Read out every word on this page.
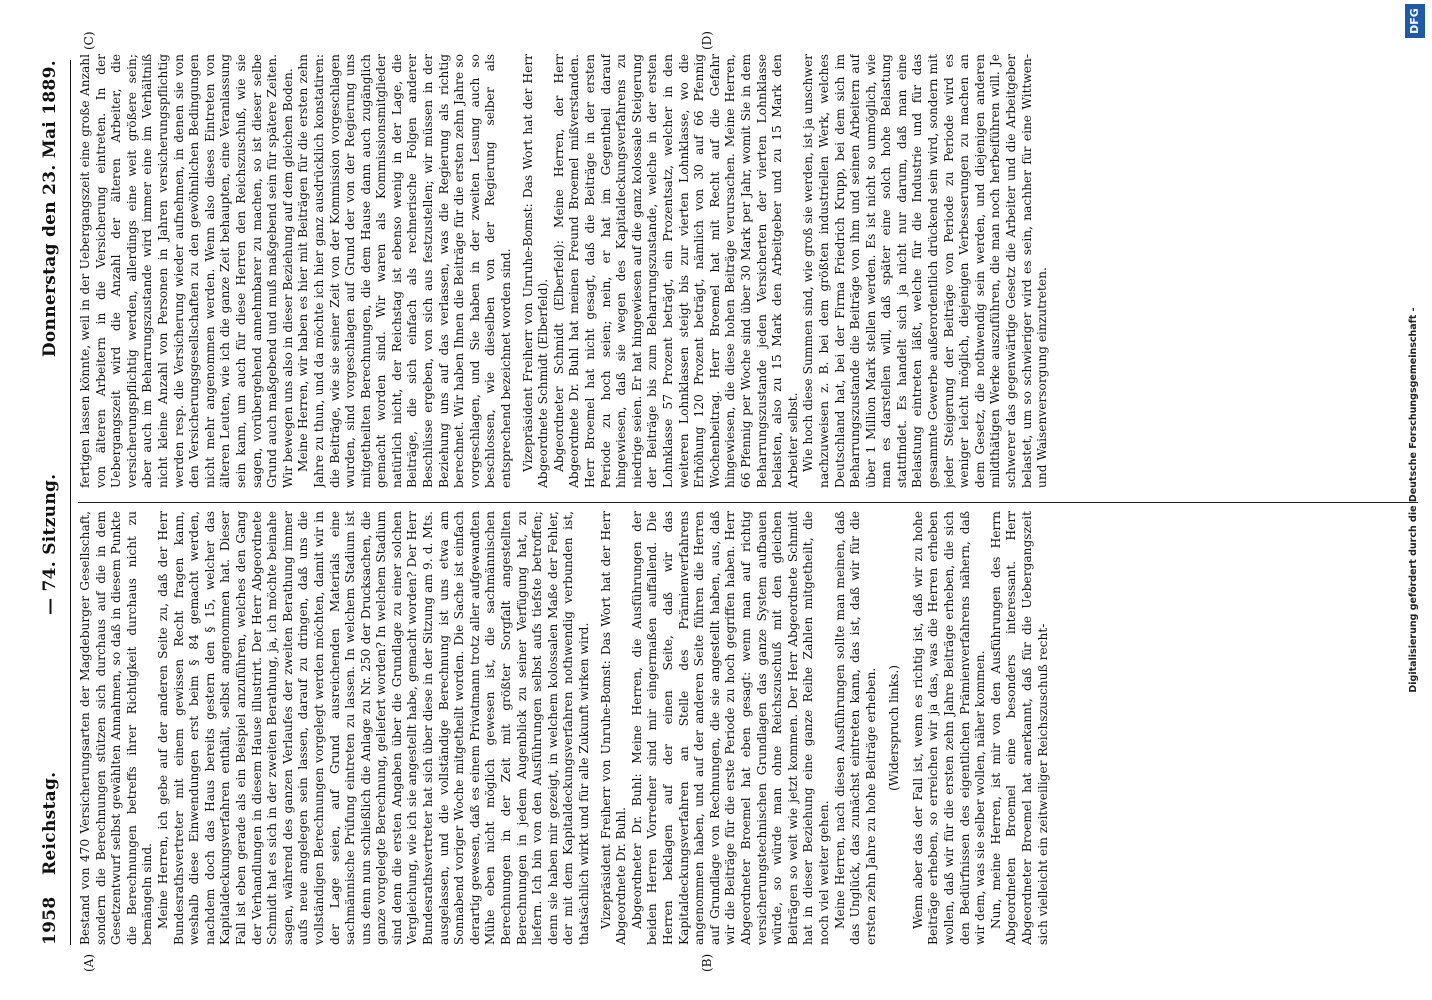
1958
Reichstag.
— 74. Sitzung.
Donnerstag den 23. Mai 1889.
(A)	(B)
(C)	(D)

Bestand von 470 Versicherungsarten der Magdeburger Gesellschaft, sondern die Berechnungen stützen sich durchaus auf die in dem Gesetzentwurf selbst gewählten Annahmen, so daß in diesem Punkte die Berechnungen betreffs ihrer Richtigkeit durchaus nicht zu bemängeln sind. Meine Herren, ich gebe auf der anderen Seite zu, daß der Herr Bundesrathsvertreter mit einem gewissen Recht fragen kann, weshalb diese Einwendungen erst beim § 84 gemacht werden, nachdem doch das Haus bereits gestern den § 15, welcher das Kapitaldeckungsverfahren enthält, selbst angenommen hat. Dieser Fall ist eben gerade als ein Beispiel anzuführen, welches den Gang der Verhandlungen in diesem Hause illustrirt. Der Herr Abgeordnete Schmidt hat es sich in der zweiten Berathung, ja, ich möchte beinahe sagen, während des ganzen Verlaufes der zweiten Berathung immer aufs neue angelegen sein lassen, darauf zu dringen, daß uns die vollständigen Berechnungen vorgelegt werden möchten, damit wir in der Lage seien, auf Grund ausreichenden Materials eine sachmännische Prüfung eintreten zu lassen. In welchem Stadium ist uns denn nun schließlich die Anlage zu Nr. 250 der Drucksachen, die ganze vorgelegte Berechnung, geliefert worden? In welchem Stadium sind denn die ersten Angaben über die Grundlage zu einer solchen Vergleichung, wie ich sie angestellt habe, gemacht worden? Der Herr Bundesrathsvertreter hat sich über diese in der Sitzung am 9. d. Mts. ausgelassen, und die vollständige Berechnung ist uns etwa am Sonnabend voriger Woche mitgetheilt worden. Die Sache ist einfach derartig gewesen, daß es einem Privatmann trotz aller aufgewandten Mühe eben nicht möglich gewesen ist, die sachmännischen Berechnungen in der Zeit mit größter Sorgfalt angestellten Berechnungen in jedem Augenblick zu seiner Verfügung hat, zu liefern. Ich bin von den Ausführungen selbst aufs tiefste betroffen; denn sie haben mir gezeigt, in welchem kolossalen Maße der Fehler, der mit dem Kapitaldeckungsverfahren nothwendig verbunden ist, thatsächlich wirkt und für alle Zukunft wirken wird. Vizepräsident Freiherr von Unruhe-Bomst: Das Wort hat der Herr Abgeordnete Dr. Buhl. Abgeordneter Dr. Buhl: Meine Herren, die Ausführungen der beiden Herren Vorredner sind mir eingermaßen auffallend. Die Herren beklagen auf der einen Seite, daß wir das Kapitaldeckungsverfahren an Stelle des Prämienverfahrens angenommen haben, und auf der anderen Seite führen die Herren auf Grundlage von Rechnungen, die sie angestellt haben, aus, daß wir die Beiträge für die erste Periode zu hoch gegriffen haben. Herr Abgeordneter Broemel hat eben gesagt: wenn man auf richtig versicherungstechnischen Grundlagen das ganze System aufbauen würde, so würde man ohne Reichszuschuß mit den gleichen Beiträgen so weit wie jetzt kommen. Der Herr Abgeordnete Schmidt hat in dieser Beziehung eine ganze Reihe Zahlen mitgetheilt, die noch viel weiter gehen. Meine Herren, nach diesen Ausführungen sollte man meinen, daß das Unglück, das zunächst eintreten kann, das ist, daß wir für die ersten zehn Jahre zu hohe Beiträge erheben. (Widerspruch links.) Wenn aber das der Fall ist, wenn es richtig ist, daß wir zu hohe Beiträge erheben, so erreichen wir ja das, was die Herren erheben wollen, daß wir für die ersten zehn Jahre Beiträge erheben, die sich den Bedürfnissen des eigentlichen Prämienverfahrens nähern, daß wir dem, was sie selber wollen, näher kommen. Nun, meine Herren, ist mir von den Ausführungen des Herrn Abgeordneten Broemel eine besonders interessant. Herr Abgeordneter Broemel hat anerkannt, daß für die Uebergangszeit sich vielleicht ein zeitweiliger Reichszuschuß recht-

fertigen lassen könnte, weil in der Uebergangszeit eine große Anzahl von älteren Arbeitern in die Versicherung eintreten. In der Uebergangszeit wird die Anzahl der älteren Arbeiter, die versicherungspflichtig werden, allerdings eine weit größere sein; aber auch im Beharrungszustande wird immer eine im Verhältniß nicht kleine Anzahl von Personen in Jahren versicherungspflichtig werden resp. die Versicherung wieder aufnehmen, in denen sie von den Versicherungsgesellschaften zu den gewöhnlichen Bedingungen nicht mehr angenommen werden. Wenn also dieses Eintreten von älteren Leuten, wie ich die ganze Zeit behaupten, eine Veranlassung sein kann, um auch für diese Herren den Reichszuschuß, wie sie sagen, vorübergehend annehmbarer zu machen, so ist dieser selbe Grund auch maßgebend und muß maßgebend sein für spätere Zeiten. Wir bewegen uns also in dieser Beziehung auf dem gleichen Boden. Meine Herren, wir haben es hier mit Beiträgen für die ersten zehn Jahre zu thun, und da möchte ich hier ganz ausdrücklich konstatiren: die Beiträge, wie sie seiner Zeit von der Kommission vorgeschlagen wurden, sind vorgeschlagen auf Grund der von der Regierung uns mitgetheilten Berechnungen, die dem Hause dann auch zugänglich gemacht worden sind. Wir waren als Kommissionsmitglieder natürlich nicht, der Reichstag ist ebenso wenig in der Lage, die Beiträge, die sich einfach als rechnerische Folgen anderer Beschlüsse ergeben, von sich aus festzustellen; wir müssen in der Beziehung uns auf das verlassen, was die Regierung als richtig berechnet. Wir haben Ihnen die Beiträge für die ersten zehn Jahre so vorgeschlagen, und Sie haben in der zweiten Lesung auch so beschlossen, wie dieselben von der Regierung selber als entsprechend bezeichnet worden sind. Vizepräsident Freiherr von Unruhe-Bomst: Das Wort hat der Herr Abgeordnete Schmidt (Elberfeld). Abgeordneter Schmidt (Elberfeld): Meine Herren, der Herr Abgeordnete Dr. Buhl hat meinen Freund Broemel mißverstanden. Herr Broemel hat nicht gesagt, daß die Beiträge in der ersten Periode zu hoch seien; nein, er hat im Gegentheil darauf hingewiesen, daß sie wegen des Kapitaldeckungsverfahrens zu niedrige seien. Er hat hingewiesen auf die ganz kolossale Steigerung der Beiträge bis zum Beharrungszustande, welche in der ersten Lohnklasse 57 Prozent beträgt, ein Prozentsatz, welcher in den weiteren Lohnklassen steigt bis zur vierten Lohnklasse, wo die Erhöhung 120 Prozent beträgt, nämlich von 30 auf 66 Pfennig Wochenbeitrag. Herr Broemel hat mit Recht auf die Gefahr hingewiesen, die diese hohen Beiträge verursachen. Meine Herren, 66 Pfennig per Woche sind über 30 Mark per Jahr, womit Sie in dem Beharrungszustande jeden Versicherten der vierten Lohnklasse belasten, also zu 15 Mark den Arbeitgeber und zu 15 Mark den Arbeiter selbst. Wie hoch diese Summen sind, wie groß sie werden, ist ja unschwer nachzuweisen z. B. bei dem größten industriellen Werk, welches Deutschland hat, bei der Firma Friedrich Krupp, bei dem sich im Beharrungszustande die Beiträge von ihm und seinen Arbeitern auf über 1 Million Mark stellen werden. Es ist nicht so unmöglich, wie man es darstellen will, daß später eine solch hohe Belastung stattfindet. Es handelt sich ja nicht nur darum, daß man eine Belastung eintreten läßt, welche für die Industrie und für das gesammte Gewerbe außerordentlich drückend sein wird, sondern mit jeder Steigerung der Beiträge von Periode zu Periode wird es weniger leicht möglich, diejenigen Verbesserungen zu machen an dem Gesetz, die nothwendig sein werden, und diejenigen anderen mildthätigen Werke auszuführen, die man noch herbeiführen will. Je schwerer das gegenwärtige Gesetz die Arbeiter und die Arbeitgeber belastet, um so schwieriger wird es sein, nachher für eine Wittwen- und Waisenversorgung einzutreten.	Digitalisierung gefördert durch die Deutsche Forschungsgemeinschaft -
DFG
